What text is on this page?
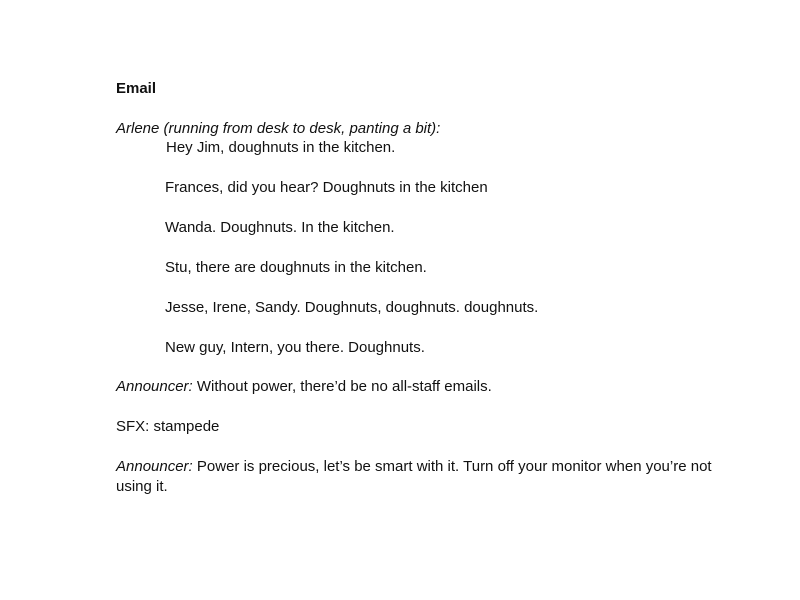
Email
Arlene (running from desk to desk, panting a bit):
Hey Jim, doughnuts in the kitchen.
Frances, did you hear? Doughnuts in the kitchen
Wanda. Doughnuts. In the kitchen.
Stu, there are doughnuts in the kitchen.
Jesse, Irene, Sandy. Doughnuts, doughnuts. doughnuts.
New guy, Intern, you there. Doughnuts.
Announcer: Without power, there’d be no all-staff emails.
SFX: stampede
Announcer: Power is precious, let’s be smart with it. Turn off your monitor when you’re not using it.
